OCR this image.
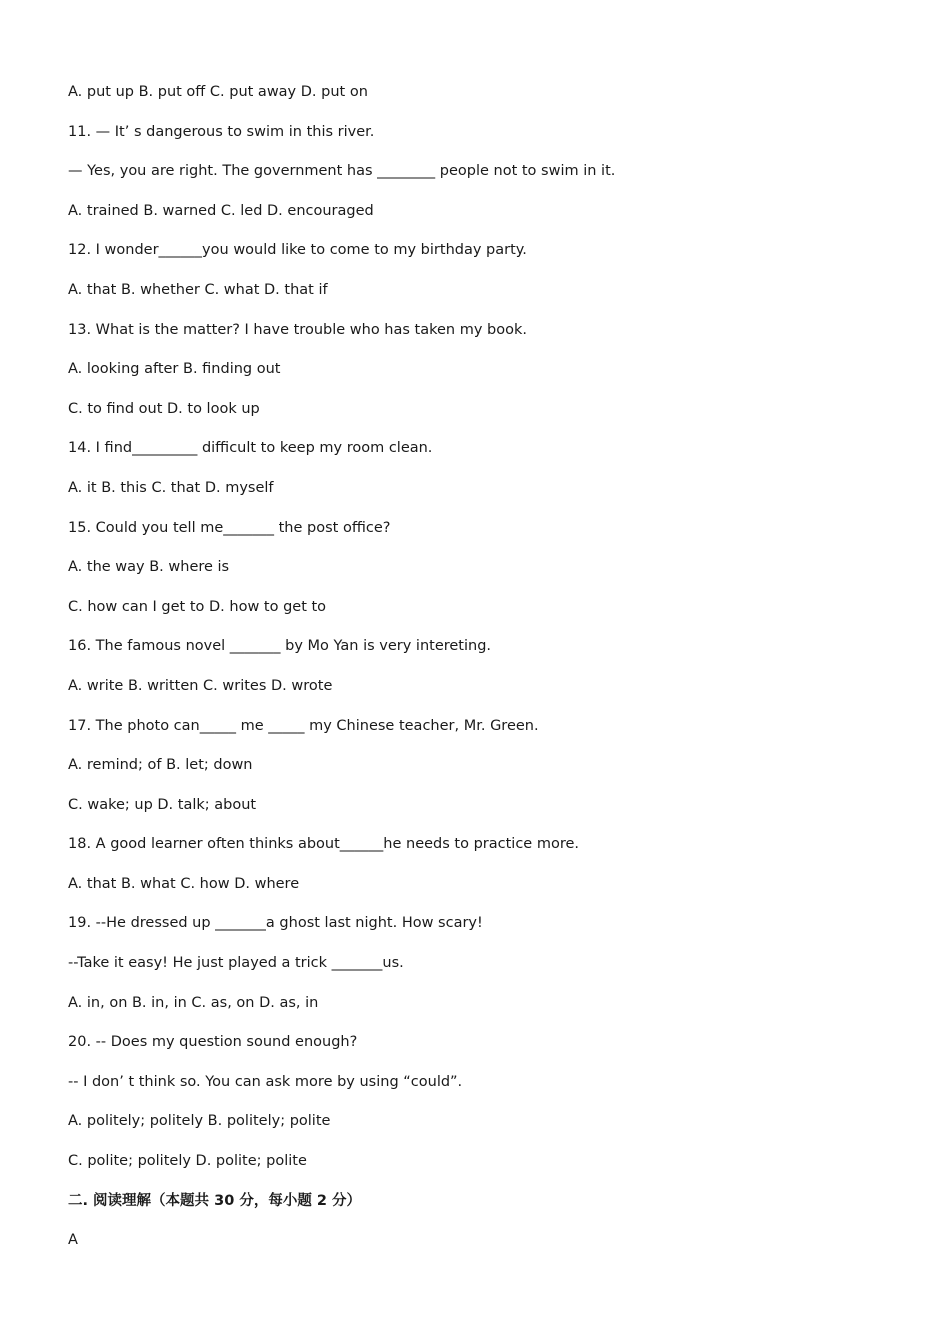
A. put up B. put off C. put away D. put on
11. — It’ s dangerous to swim in this river.
— Yes, you are right. The government has ________ people not to swim in it.
A. trained B. warned C. led D. encouraged
12. I wonder______you would like to come to my birthday party.
A. that B. whether C. what D. that if
13. What is the matter? I have trouble who has taken my book.
A. looking after B. finding out
C. to find out D. to look up
14. I find_________ difficult to keep my room clean.
A. it B. this C. that D. myself
15. Could you tell me_______ the post office?
A. the way B. where is
C. how can I get to D. how to get to
16. The famous novel _______ by Mo Yan is very intereting.
A. write B. written C. writes D. wrote
17. The photo can_____ me _____ my Chinese teacher, Mr. Green.
A. remind; of B. let; down
C. wake; up D. talk; about
18. A good learner often thinks about______he needs to practice more.
A. that B. what C. how D. where
19. --He dressed up _______a ghost last night. How scary!
--Take it easy! He just played a trick _______us.
A. in, on B. in, in C. as, on D. as, in
20. -- Does my question sound enough?
-- I don’ t think so. You can ask more by using “could”.
A. politely; politely B. politely; polite
C. polite; politely D. polite; polite
二. 阅读理解（本题共 30 分，每小题 2 分）
A
